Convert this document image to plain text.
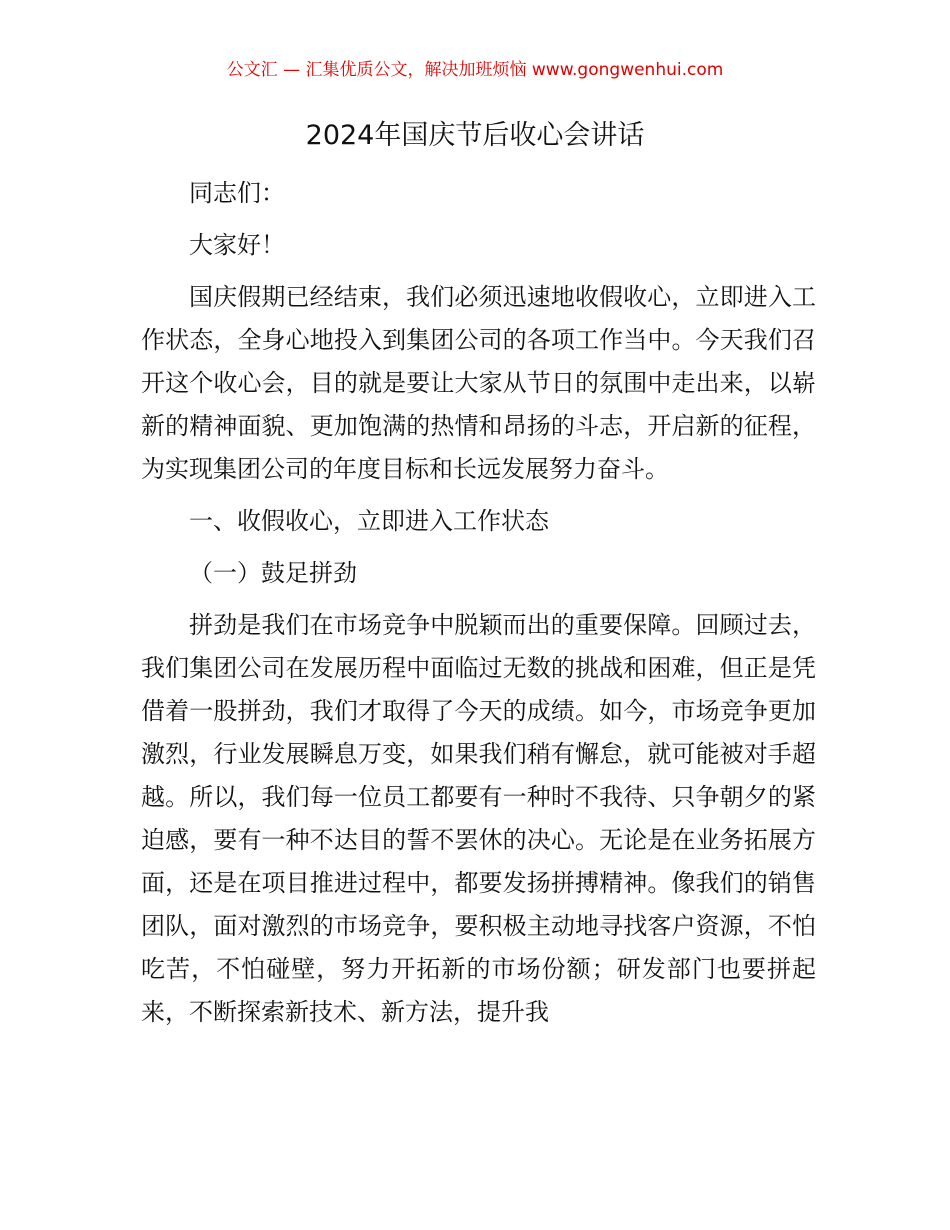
公文汇 — 汇集优质公文，解决加班烦恼 www.gongwenhui.com
2024年国庆节后收心会讲话

同志们：

大家好！

国庆假期已经结束，我们必须迅速地收假收心，立即进入工作状态，全身心地投入到集团公司的各项工作当中。今天我们召开这个收心会，目的就是要让大家从节日的氛围中走出来，以崭新的精神面貌、更加饱满的热情和昂扬的斗志，开启新的征程，为实现集团公司的年度目标和长远发展努力奋斗。

一、收假收心，立即进入工作状态

（一）鼓足拼劲

拼劲是我们在市场竞争中脱颖而出的重要保障。回顾过去，我们集团公司在发展历程中面临过无数的挑战和困难，但正是凭借着一股拼劲，我们才取得了今天的成绩。如今，市场竞争更加激烈，行业发展瞬息万变，如果我们稍有懈怠，就可能被对手超越。所以，我们每一位员工都要有一种时不我待、只争朝夕的紧迫感，要有一种不达目的誓不罢休的决心。无论是在业务拓展方面，还是在项目推进过程中，都要发扬拼搏精神。像我们的销售团队，面对激烈的市场竞争，要积极主动地寻找客户资源，不怕吃苦，不怕碰壁，努力开拓新的市场份额；研发部门也要拼起来，不断探索新技术、新方法，提升我
